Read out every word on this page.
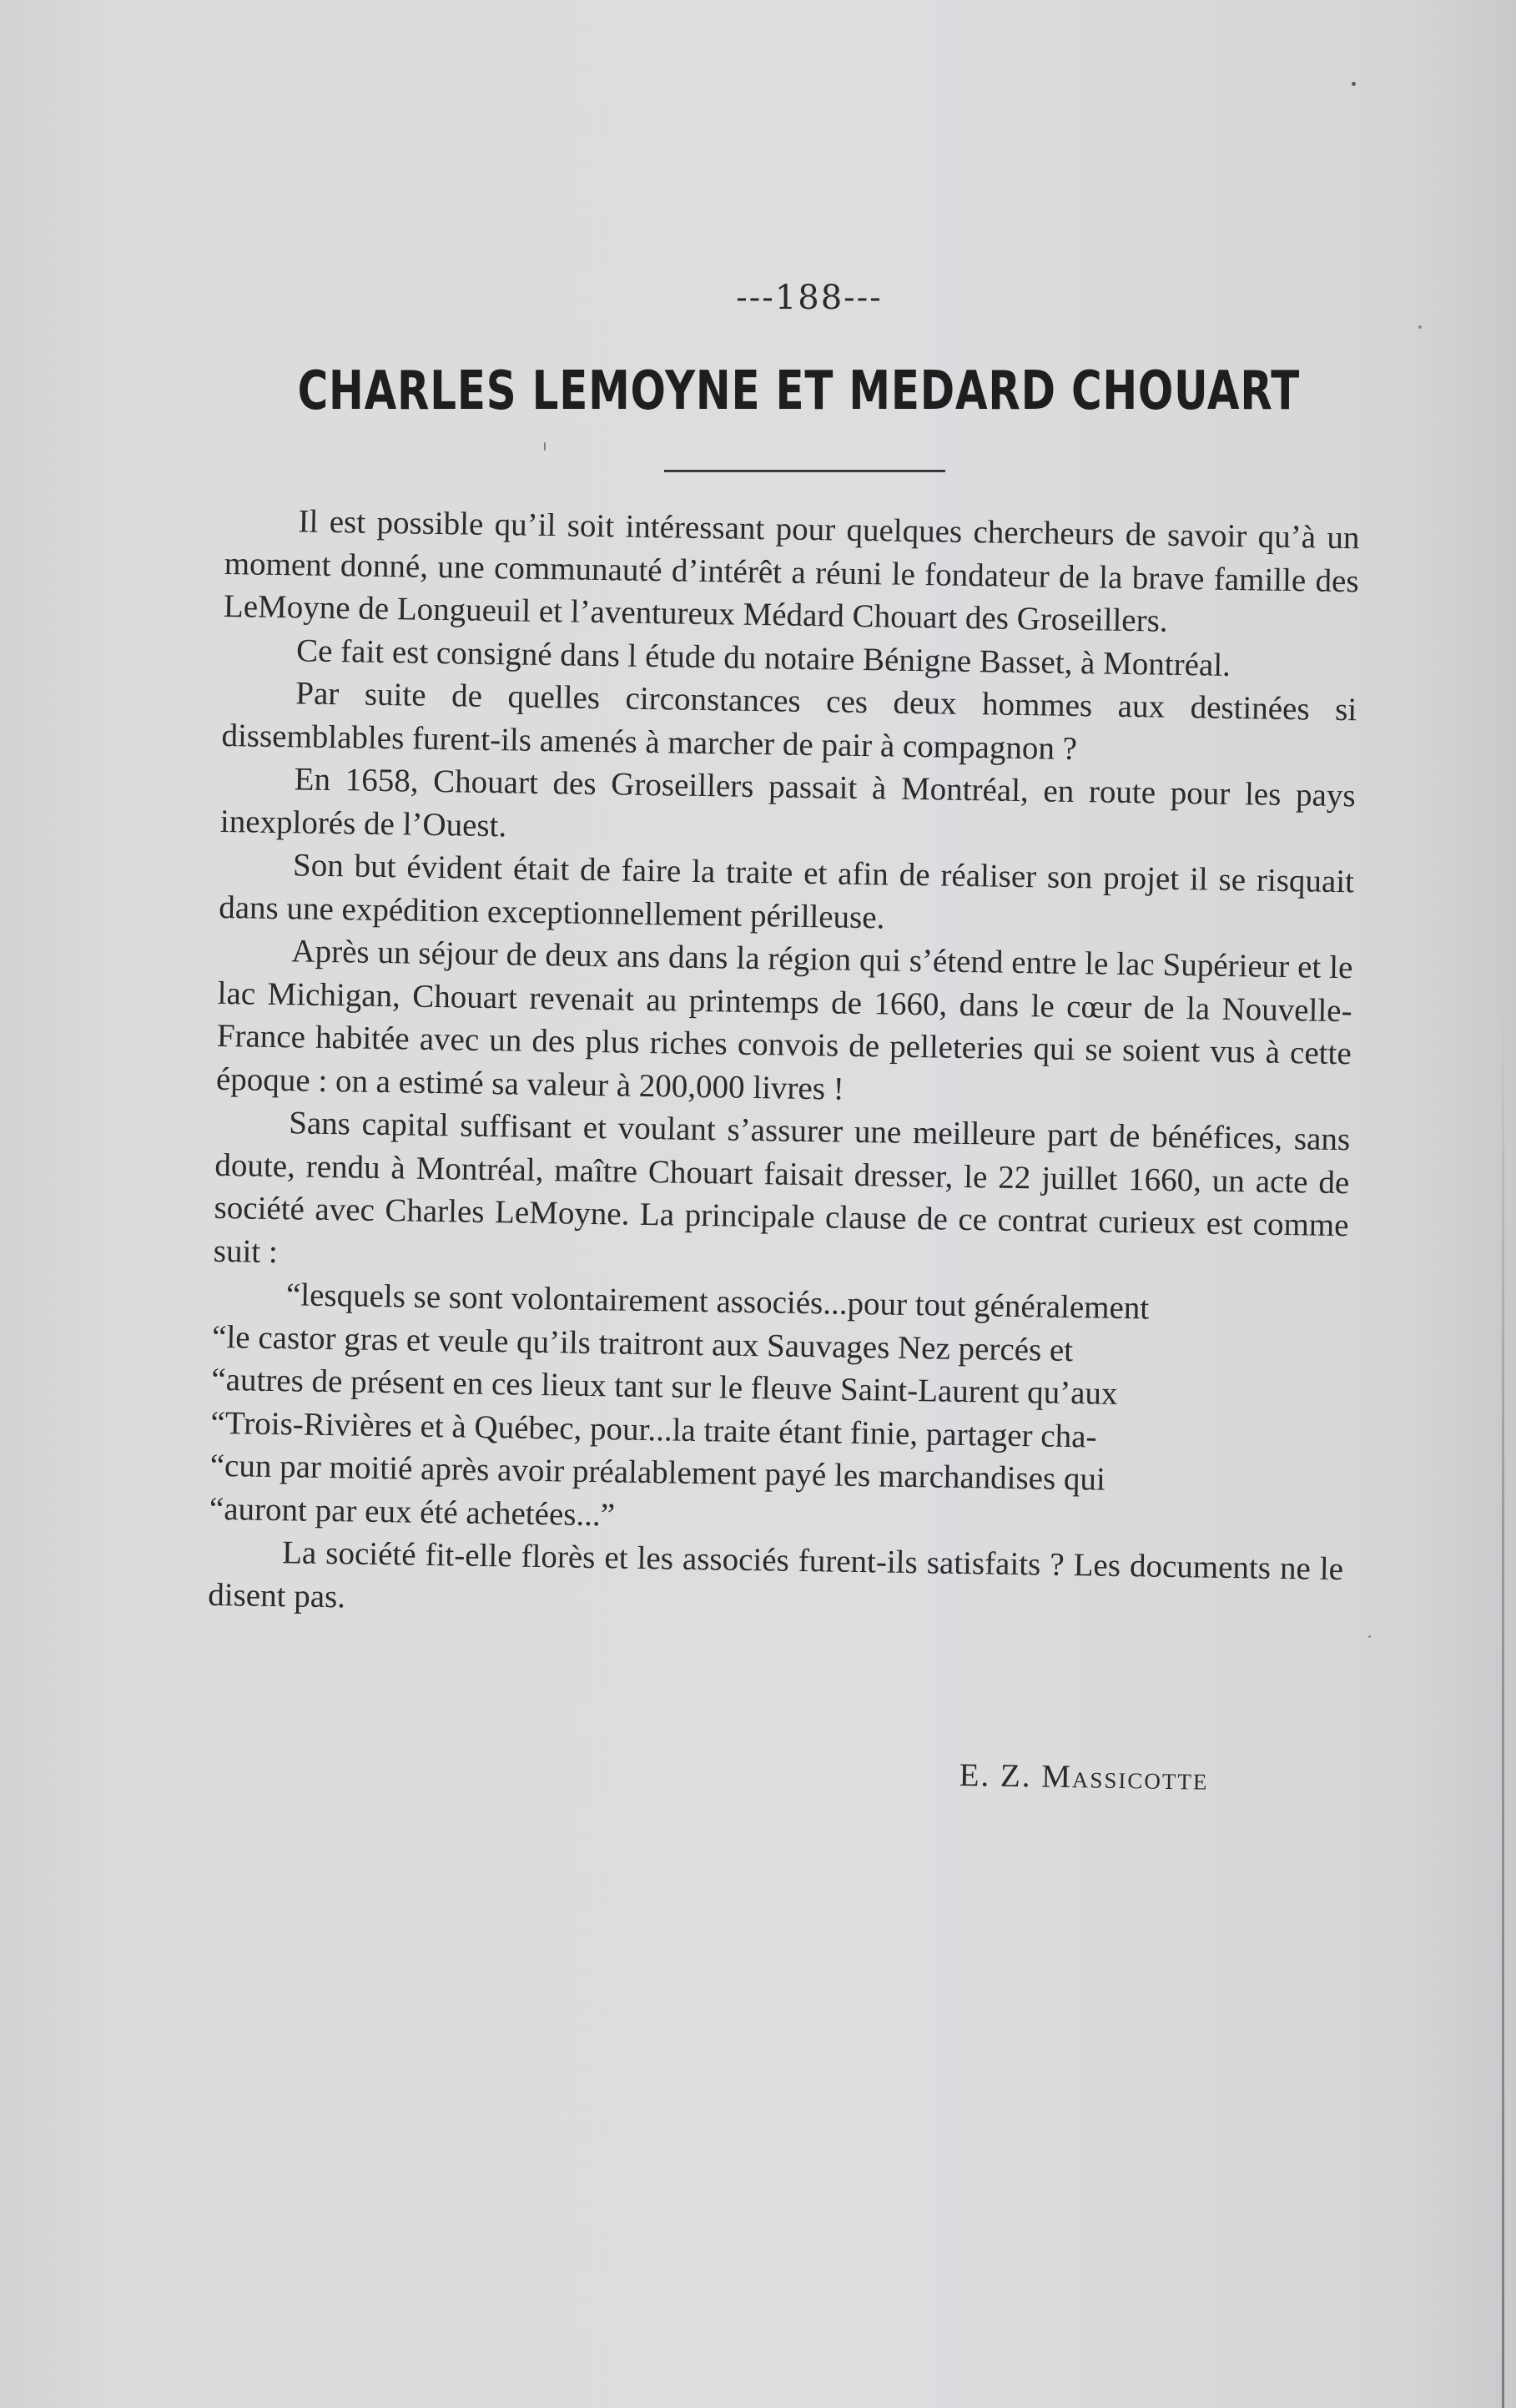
---188---
CHARLES LEMOYNE ET MEDARD CHOUART

Il est possible qu’il soit intéressant pour quelques chercheurs de savoir qu’à un moment donné, une communauté d’intérêt a réuni le fondateur de la brave famille des LeMoyne de Longueuil et l’aventureux Médard Chouart des Groseillers.

Ce fait est consigné dans l étude du notaire Bénigne Basset, à Montréal.

Par suite de quelles circonstances ces deux hommes aux destinées si dissemblables furent-ils amenés à marcher de pair à compagnon ?

En 1658, Chouart des Groseillers passait à Montréal, en route pour les pays inexplorés de l’Ouest.

Son but évident était de faire la traite et afin de réaliser son projet il se risquait dans une expédition exceptionnellement périlleuse.

Après un séjour de deux ans dans la région qui s’étend entre le lac Supérieur et le lac Michigan, Chouart revenait au printemps de 1660, dans le cœur de la Nouvelle-France habitée avec un des plus riches convois de pelleteries qui se soient vus à cette époque : on a estimé sa valeur à 200,000 livres !

Sans capital suffisant et voulant s’assurer une meilleure part de bénéfices, sans doute, rendu à Montréal, maître Chouart faisait dresser, le 22 juillet 1660, un acte de société avec Charles LeMoyne. La principale clause de ce contrat curieux est comme suit :

“lesquels se sont volontairement associés...pour tout généralement

“le castor gras et veule qu’ils traitront aux Sauvages Nez percés et

“autres de présent en ces lieux tant sur le fleuve Saint-Laurent qu’aux

“Trois-Rivières et à Québec, pour...la traite étant finie, partager cha-

“cun par moitié après avoir préalablement payé les marchandises qui

“auront par eux été achetées...”

La société fit-elle florès et les associés furent-ils satisfaits ? Les documents ne le disent pas.

E. Z. Massicotte
